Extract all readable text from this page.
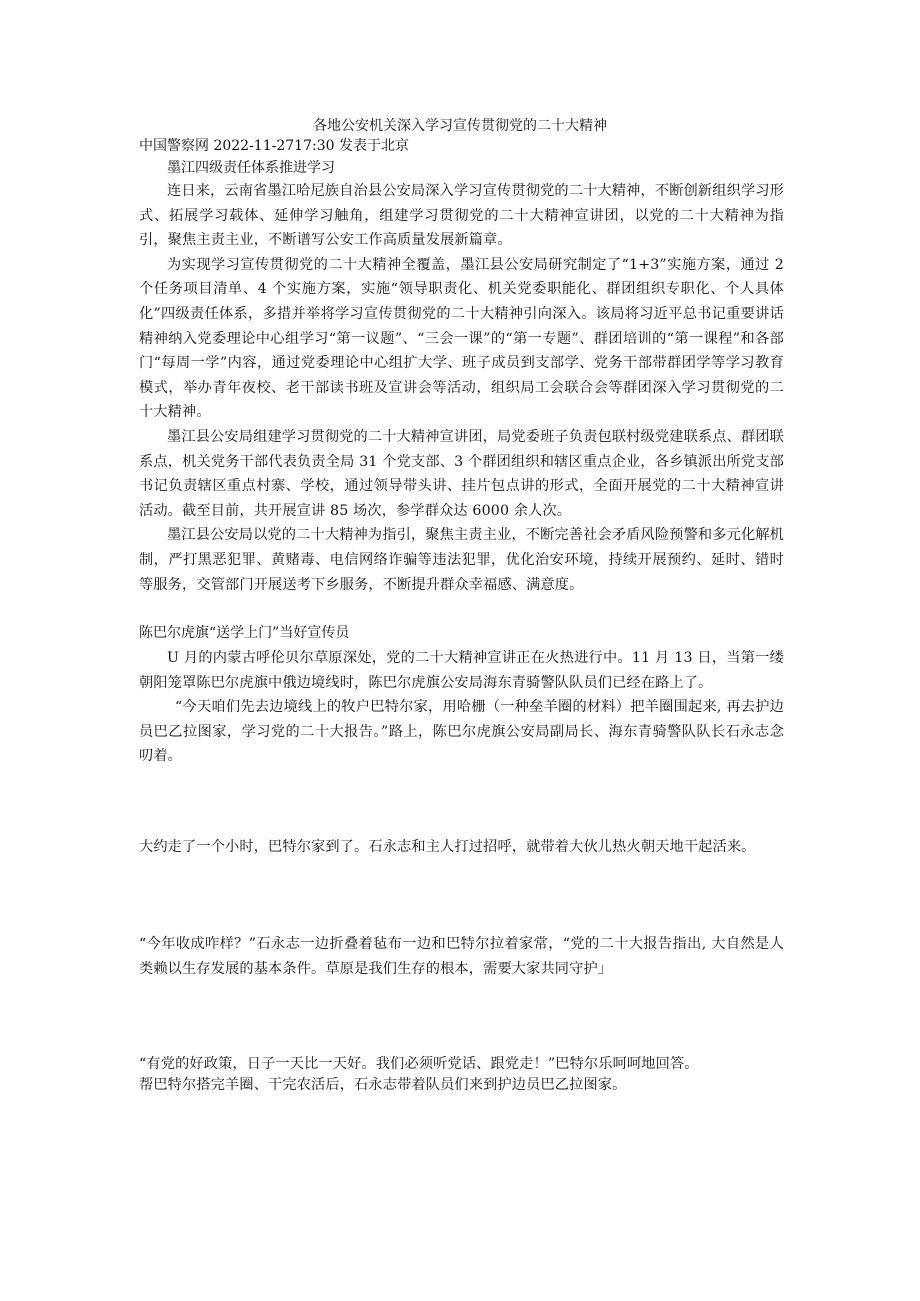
各地公安机关深入学习宣传贯彻党的二十大精神
中国警察网 2022-11-2717:30 发表于北京
墨江四级责任体系推进学习

连日来，云南省墨江哈尼族自治县公安局深入学习宣传贯彻党的二十大精神，不断创新组织学习形式、拓展学习载体、延伸学习触角，组建学习贯彻党的二十大精神宣讲团，以党的二十大精神为指引，聚焦主责主业，不断谱写公安工作高质量发展新篇章。

为实现学习宣传贯彻党的二十大精神全覆盖，墨江县公安局研究制定了“1+3”实施方案，通过 2 个任务项目清单、4 个实施方案，实施“领导职责化、机关党委职能化、群团组织专职化、个人具体化”四级责任体系，多措并举将学习宣传贯彻党的二十大精神引向深入。该局将习近平总书记重要讲话精神纳入党委理论中心组学习“第一议题”、“三会一课”的“第一专题”、群团培训的“第一课程”和各部门“每周一学”内容，通过党委理论中心组扩大学、班子成员到支部学、党务干部带群团学等学习教育模式，举办青年夜校、老干部读书班及宣讲会等活动，组织局工会联合会等群团深入学习贯彻党的二十大精神。

墨江县公安局组建学习贯彻党的二十大精神宣讲团，局党委班子负责包联村级党建联系点、群团联系点，机关党务干部代表负责全局 31 个党支部、3 个群团组织和辖区重点企业，各乡镇派出所党支部书记负责辖区重点村寨、学校，通过领导带头讲、挂片包点讲的形式，全面开展党的二十大精神宣讲活动。截至目前，共开展宣讲 85 场次，参学群众达 6000 余人次。

墨江县公安局以党的二十大精神为指引，聚焦主责主业，不断完善社会矛盾风险预警和多元化解机制，严打黑恶犯罪、黄赌毒、电信网络诈骗等违法犯罪，优化治安环境，持续开展预约、延时、错时等服务，交管部门开展送考下乡服务，不断提升群众幸福感、满意度。

陈巴尔虎旗“送学上门”当好宣传员

U 月的内蒙古呼伦贝尔草原深处，党的二十大精神宣讲正在火热进行中。11 月 13 日，当第一缕朝阳笼罩陈巴尔虎旗中俄边境线时，陈巴尔虎旗公安局海东青骑警队队员们已经在路上了。

“今天咱们先去边境线上的牧户巴特尔家，用哈栅（一种垒羊圈的材料）把羊圈围起来, 再去护边员巴乙拉图家，学习党的二十大报告。”路上，陈巴尔虎旗公安局副局长、海东青骑警队队长石永志念叨着。

大约走了一个小时，巴特尔家到了。石永志和主人打过招呼，就带着大伙儿热火朝天地干起活来。

“今年收成咋样？”石永志一边折叠着毡布一边和巴特尔拉着家常，“党的二十大报告指出, 大自然是人类赖以生存发展的基本条件。草原是我们生存的根本，需要大家共同守护」

“有党的好政策，日子一天比一天好。我们必须听党话、跟党走！”巴特尔乐呵呵地回答。

帮巴特尔搭完羊圈、干完农活后，石永志带着队员们来到护边员巴乙拉图家。
